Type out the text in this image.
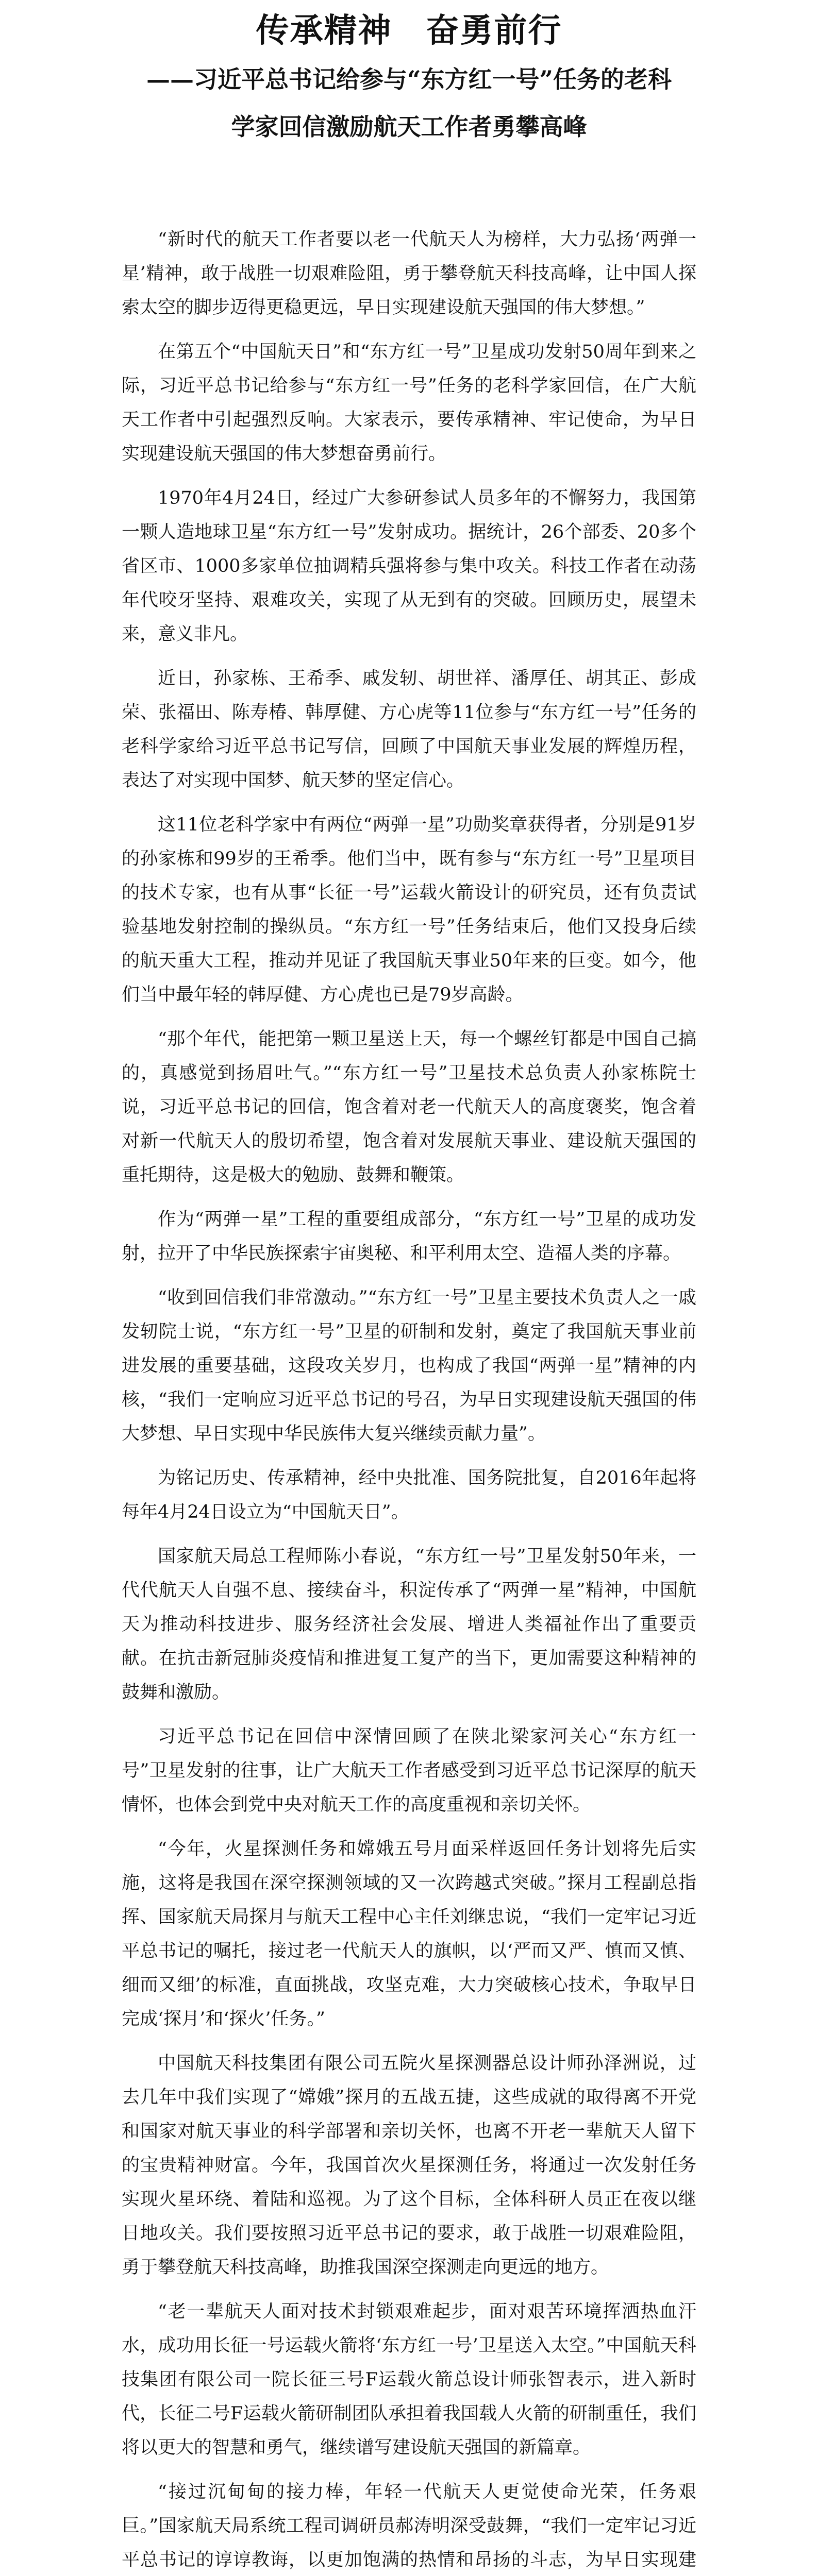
传承精神　奋勇前行
——习近平总书记给参与“东方红一号”任务的老科
学家回信激励航天工作者勇攀高峰

“新时代的航天工作者要以老一代航天人为榜样，大力弘扬‘两弹一星’精神，敢于战胜一切艰难险阻，勇于攀登航天科技高峰，让中国人探索太空的脚步迈得更稳更远，早日实现建设航天强国的伟大梦想。”

在第五个“中国航天日”和“东方红一号”卫星成功发射50周年到来之际，习近平总书记给参与“东方红一号”任务的老科学家回信，在广大航天工作者中引起强烈反响。大家表示，要传承精神、牢记使命，为早日实现建设航天强国的伟大梦想奋勇前行。

1970年4月24日，经过广大参研参试人员多年的不懈努力，我国第一颗人造地球卫星“东方红一号”发射成功。据统计，26个部委、20多个省区市、1000多家单位抽调精兵强将参与集中攻关。科技工作者在动荡年代咬牙坚持、艰难攻关，实现了从无到有的突破。回顾历史，展望未来，意义非凡。

近日，孙家栋、王希季、戚发轫、胡世祥、潘厚任、胡其正、彭成荣、张福田、陈寿椿、韩厚健、方心虎等11位参与“东方红一号”任务的老科学家给习近平总书记写信，回顾了中国航天事业发展的辉煌历程，表达了对实现中国梦、航天梦的坚定信心。

这11位老科学家中有两位“两弹一星”功勋奖章获得者，分别是91岁的孙家栋和99岁的王希季。他们当中，既有参与“东方红一号”卫星项目的技术专家，也有从事“长征一号”运载火箭设计的研究员，还有负责试验基地发射控制的操纵员。“东方红一号”任务结束后，他们又投身后续的航天重大工程，推动并见证了我国航天事业50年来的巨变。如今，他们当中最年轻的韩厚健、方心虎也已是79岁高龄。

“那个年代，能把第一颗卫星送上天，每一个螺丝钉都是中国自己搞的，真感觉到扬眉吐气。”“东方红一号”卫星技术总负责人孙家栋院士说，习近平总书记的回信，饱含着对老一代航天人的高度褒奖，饱含着对新一代航天人的殷切希望，饱含着对发展航天事业、建设航天强国的重托期待，这是极大的勉励、鼓舞和鞭策。

作为“两弹一星”工程的重要组成部分，“东方红一号”卫星的成功发射，拉开了中华民族探索宇宙奥秘、和平利用太空、造福人类的序幕。

“收到回信我们非常激动。”“东方红一号”卫星主要技术负责人之一戚发轫院士说，“东方红一号”卫星的研制和发射，奠定了我国航天事业前进发展的重要基础，这段攻关岁月，也构成了我国“两弹一星”精神的内核，“我们一定响应习近平总书记的号召，为早日实现建设航天强国的伟大梦想、早日实现中华民族伟大复兴继续贡献力量”。

为铭记历史、传承精神，经中央批准、国务院批复，自2016年起将每年4月24日设立为“中国航天日”。

国家航天局总工程师陈小春说，“东方红一号”卫星发射50年来，一代代航天人自强不息、接续奋斗，积淀传承了“两弹一星”精神，中国航天为推动科技进步、服务经济社会发展、增进人类福祉作出了重要贡献。在抗击新冠肺炎疫情和推进复工复产的当下，更加需要这种精神的鼓舞和激励。

习近平总书记在回信中深情回顾了在陕北梁家河关心“东方红一号”卫星发射的往事，让广大航天工作者感受到习近平总书记深厚的航天情怀，也体会到党中央对航天工作的高度重视和亲切关怀。

“今年，火星探测任务和嫦娥五号月面采样返回任务计划将先后实施，这将是我国在深空探测领域的又一次跨越式突破。”探月工程副总指挥、国家航天局探月与航天工程中心主任刘继忠说，“我们一定牢记习近平总书记的嘱托，接过老一代航天人的旗帜，以‘严而又严、慎而又慎、细而又细’的标准，直面挑战，攻坚克难，大力突破核心技术，争取早日完成‘探月’和‘探火’任务。”

中国航天科技集团有限公司五院火星探测器总设计师孙泽洲说，过去几年中我们实现了“嫦娥”探月的五战五捷，这些成就的取得离不开党和国家对航天事业的科学部署和亲切关怀，也离不开老一辈航天人留下的宝贵精神财富。今年，我国首次火星探测任务，将通过一次发射任务实现火星环绕、着陆和巡视。为了这个目标，全体科研人员正在夜以继日地攻关。我们要按照习近平总书记的要求，敢于战胜一切艰难险阻，勇于攀登航天科技高峰，助推我国深空探测走向更远的地方。

“老一辈航天人面对技术封锁艰难起步，面对艰苦环境挥洒热血汗水，成功用长征一号运载火箭将‘东方红一号’卫星送入太空。”中国航天科技集团有限公司一院长征三号F运载火箭总设计师张智表示，进入新时代，长征二号F运载火箭研制团队承担着我国载人火箭的研制重任，我们将以更大的智慧和勇气，继续谱写建设航天强国的新篇章。

“接过沉甸甸的接力棒，年轻一代航天人更觉使命光荣，任务艰巨。”国家航天局系统工程司调研员郝涛明深受鼓舞，“我们一定牢记习近平总书记的谆谆教诲，以更加饱满的热情和昂扬的斗志，为早日实现建
